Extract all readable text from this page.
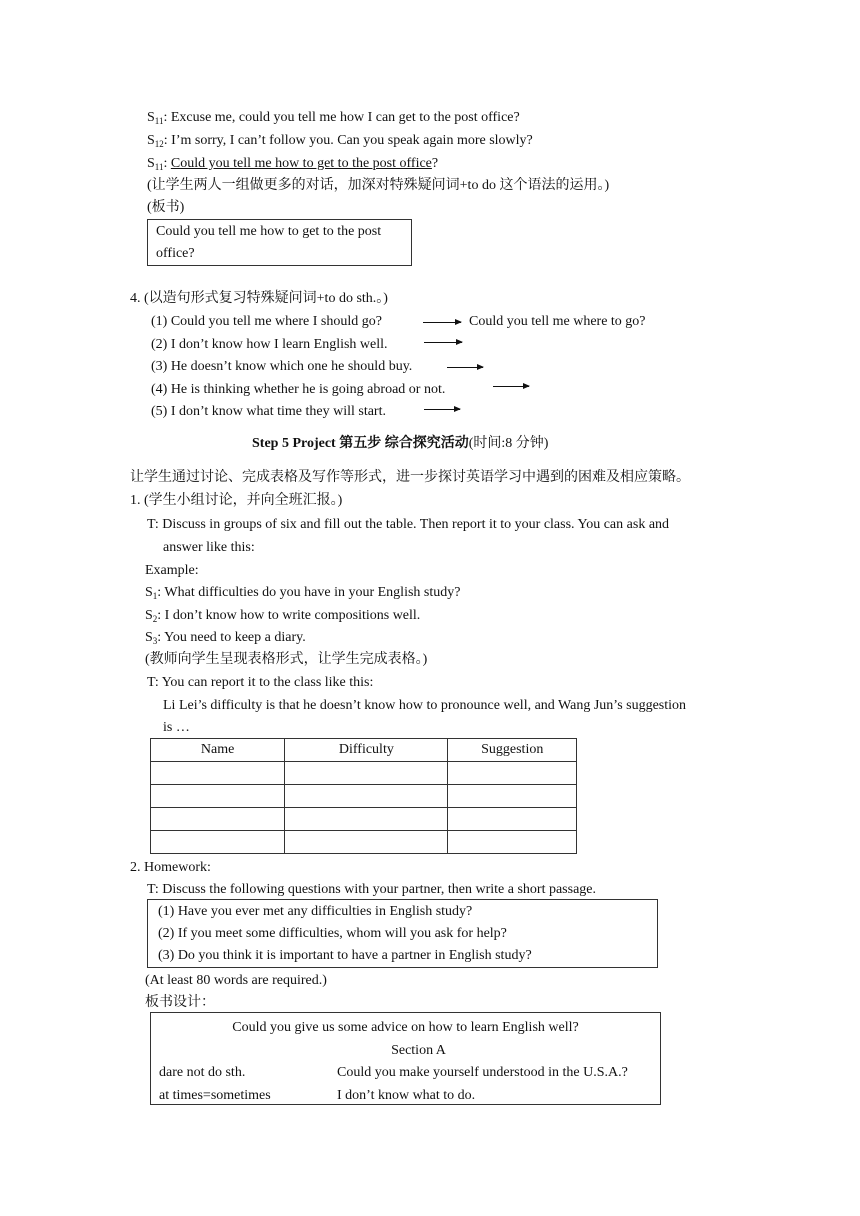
$S_{11}$: Excuse me, could you tell me how I can get to the post office?
$S_{12}$: I’m sorry, I can’t follow you. Can you speak again more slowly?
$S_{11}$: Could you tell me how to get to the post office?
(让学生两人一组做更多的对话，加深对特殊疑问词+to do 这个语法的运用。)
(板书)
Could you tell me how to get to the post
office?
4. (以造句形式复习特殊疑问词+to do sth.。)
(1) Could you tell me where I should go?	Could you tell me where to go?
(2) I don’t know how I learn English well.
(3) He doesn’t know which one he should buy.
(4) He is thinking whether he is going abroad or not.
(5) I don’t know what time they will start.
Step 5 Project 第五步 综合探究活动(时间:8 分钟)
让学生通过讨论、完成表格及写作等形式，进一步探讨英语学习中遇到的困难及相应策略。
1. (学生小组讨论，并向全班汇报。)
T: Discuss in groups of six and fill out the table. Then report it to your class. You can ask and
answer like this:
Example:
$S_1$: What difficulties do you have in your English study?
$S_2$: I don’t know how to write compositions well.
$S_3$: You need to keep a diary.
(教师向学生呈现表格形式，让学生完成表格。)
T: You can report it to the class like this:
Li Lei’s difficulty is that he doesn’t know how to pronounce well, and Wang Jun’s suggestion
is …
Name	Difficulty	Suggestion

2. Homework:
T: Discuss the following questions with your partner, then write a short passage.
(1) Have you ever met any difficulties in English study?
(2) If you meet some difficulties, whom will you ask for help?
(3) Do you think it is important to have a partner in English study?
(At least 80 words are required.)
板书设计：
Could you give us some advice on how to learn English well?
Section A
dare not do sth.	Could you make yourself understood in the U.S.A.?
at times=sometimes	I don’t know what to do.
